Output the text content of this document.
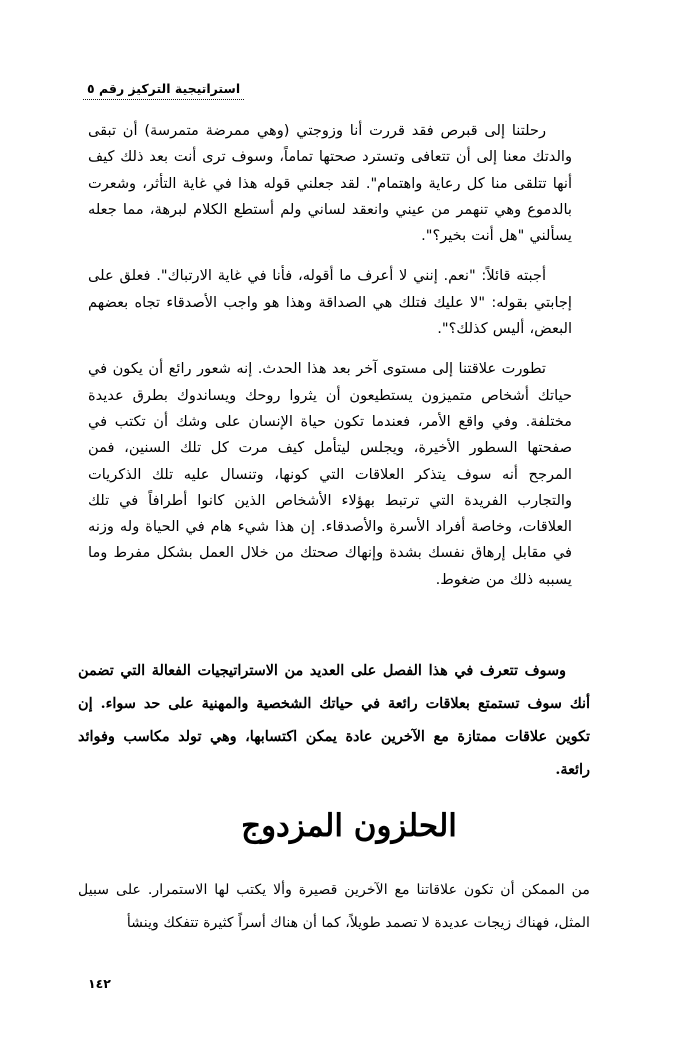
استراتيجية التركيز رقم ٥

رحلتنا إلى قبرص فقد قررت أنا وزوجتي (وهي ممرضة متمرسة) أن تبقى والدتك معنا إلى أن تتعافى وتسترد صحتها تماماً، وسوف ترى أنت بعد ذلك كيف أنها تتلقى منا كل رعاية واهتمام". لقد جعلني قوله هذا في غاية التأثر، وشعرت بالدموع وهي تنهمر من عيني وانعقد لساني ولم أستطع الكلام لبرهة، مما جعله يسألني "هل أنت بخير؟".

أجبته قائلاً: "نعم. إنني لا أعرف ما أقوله، فأنا في غاية الارتباك". فعلق على إجابتي بقوله: "لا عليك فتلك هي الصداقة وهذا هو واجب الأصدقاء تجاه بعضهم البعض، أليس كذلك؟".

تطورت علاقتنا إلى مستوى آخر بعد هذا الحدث. إنه شعور رائع أن يكون في حياتك أشخاص متميزون يستطيعون أن يثروا روحك ويساندوك بطرق عديدة مختلفة. وفي واقع الأمر، فعندما تكون حياة الإنسان على وشك أن تكتب في صفحتها السطور الأخيرة، ويجلس ليتأمل كيف مرت كل تلك السنين، فمن المرجح أنه سوف يتذكر العلاقات التي كونها، وتنسال عليه تلك الذكريات والتجارب الفريدة التي ترتبط بهؤلاء الأشخاص الذين كانوا أطرافاً في تلك العلاقات، وخاصة أفراد الأسرة والأصدقاء. إن هذا شيء هام في الحياة وله وزنه في مقابل إرهاق نفسك بشدة وإنهاك صحتك من خلال العمل بشكل مفرط وما يسببه ذلك من ضغوط.

وسوف تتعرف في هذا الفصل على العديد من الاستراتيجيات الفعالة التي تضمن أنك سوف تستمتع بعلاقات رائعة في حياتك الشخصية والمهنية على حد سواء. إن تكوين علاقات ممتازة مع الآخرين عادة يمكن اكتسابها، وهي تولد مكاسب وفوائد رائعة.

الحلزون المزدوج

من الممكن أن تكون علاقاتنا مع الآخرين قصيرة وألا يكتب لها الاستمرار. على سبيل المثل، فهناك زيجات عديدة لا تصمد طويلاً، كما أن هناك أسراً كثيرة تتفكك وينشأ

١٤٢
